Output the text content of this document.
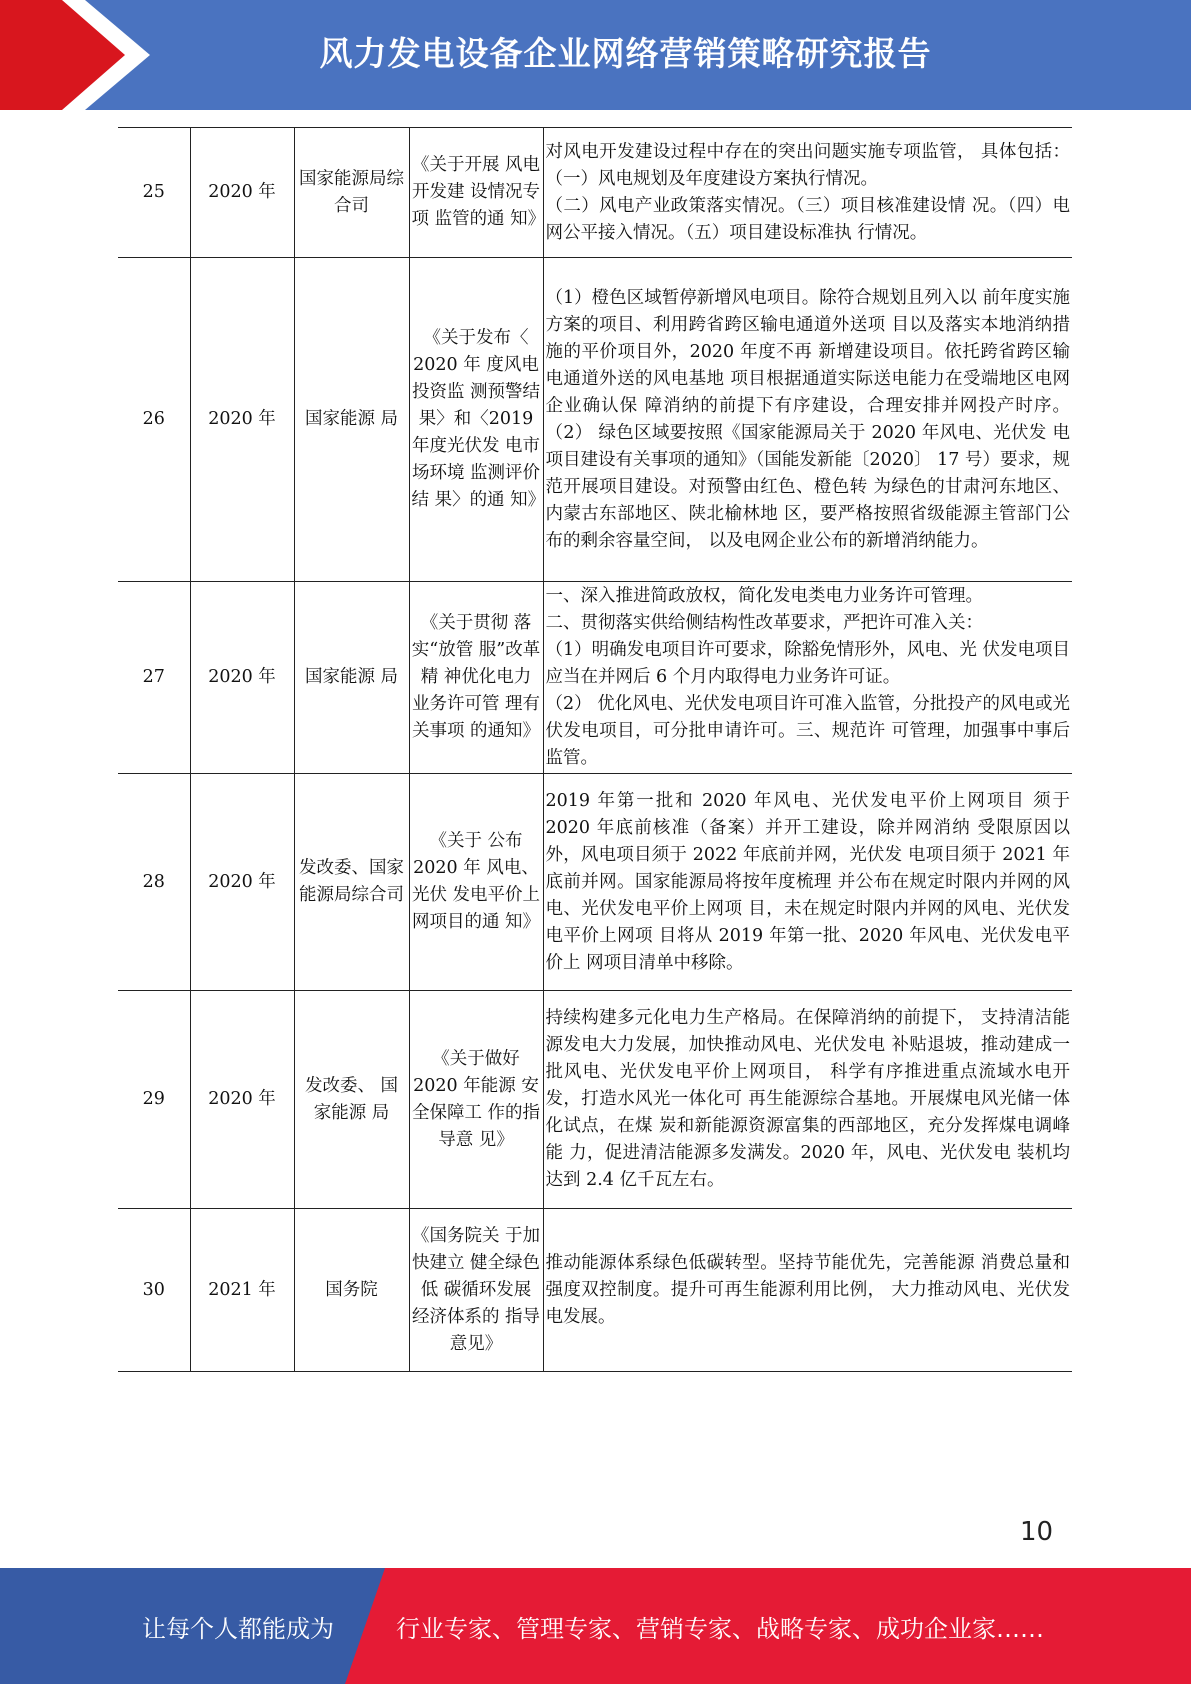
风力发电设备企业网络营销策略研究报告
25	2020 年	国家能源局综合司	《关于开展 风电开发建 设情况专项 监管的通 知》	对风电开发建设过程中存在的突出问题实施专项监管， 具体包括：（一）风电规划及年度建设方案执行情况。
（二）风电产业政策落实情况。（三）项目核准建设情 况。（四）电网公平接入情况。（五）项目建设标准执 行情况。

26	2020 年	国家能源 局	《关于发布〈 2020 年 度风电投资监 测预警结 果〉和〈2019 年度光伏发 电市场环境 监测评价结 果〉的通 知》	（1）橙色区域暂停新增风电项目。除符合规划且列入以 前年度实施方案的项目、利用跨省跨区输电通道外送项 目以及落实本地消纳措施的平价项目外，2020 年度不再 新增建设项目。依托跨省跨区输电通道外送的风电基地 项目根据通道实际送电能力在受端地区电网企业确认保 障消纳的前提下有序建设，合理安排并网投产时序。（2） 绿色区域要按照《国家能源局关于 2020 年风电、光伏发 电项目建设有关事项的通知》（国能发新能〔2020〕 17 号）要求，规范开展项目建设。对预警由红色、橙色转 为绿色的甘肃河东地区、内蒙古东部地区、陕北榆林地 区，要严格按照省级能源主管部门公布的剩余容量空间， 以及电网企业公布的新增消纳能力。

27	2020 年	国家能源 局	《关于贯彻 落实“放管 服”改革精 神优化电力 业务许可管 理有关事项 的通知》	一、深入推进简政放权，简化发电类电力业务许可管理。
二、贯彻落实供给侧结构性改革要求，严把许可准入关：
（1）明确发电项目许可要求，除豁免情形外，风电、光 伏发电项目应当在并网后 6 个月内取得电力业务许可证。
（2） 优化风电、光伏发电项目许可准入监管，分批投产的风电或光伏发电项目，可分批申请许可。三、规范许 可管理，加强事中事后监管。

28	2020 年	发改委、国家能源局综合司	《关于 公布 2020 年 风电、光伏 发电平价上 网项目的通 知》	2019 年第一批和 2020 年风电、光伏发电平价上网项目 须于 2020 年底前核准（备案）并开工建设，除并网消纳 受限原因以外，风电项目须于 2022 年底前并网，光伏发 电项目须于 2021 年底前并网。国家能源局将按年度梳理 并公布在规定时限内并网的风电、光伏发电平价上网项 目，未在规定时限内并网的风电、光伏发电平价上网项 目将从 2019 年第一批、2020 年风电、光伏发电平价上 网项目清单中移除。

29	2020 年	发改委、 国家能源 局	《关于做好 2020 年能源 安全保障工 作的指导意 见》	持续构建多元化电力生产格局。在保障消纳的前提下， 支持清洁能源发电大力发展，加快推动风电、光伏发电 补贴退坡，推动建成一批风电、光伏发电平价上网项目， 科学有序推进重点流域水电开发，打造水风光一体化可 再生能源综合基地。开展煤电风光储一体化试点，在煤 炭和新能源资源富集的西部地区，充分发挥煤电调峰能 力，促进清洁能源多发满发。2020 年，风电、光伏发电 装机均达到 2.4 亿千瓦左右。

30	2021 年	国务院	《国务院关 于加快建立 健全绿色低 碳循环发展 经济体系的 指导意见》	推动能源体系绿色低碳转型。坚持节能优先，完善能源 消费总量和强度双控制度。提升可再生能源利用比例， 大力推动风电、光伏发电发展。
10
让每个人都能成为	行业专家、管理专家、营销专家、战略专家、成功企业家……
